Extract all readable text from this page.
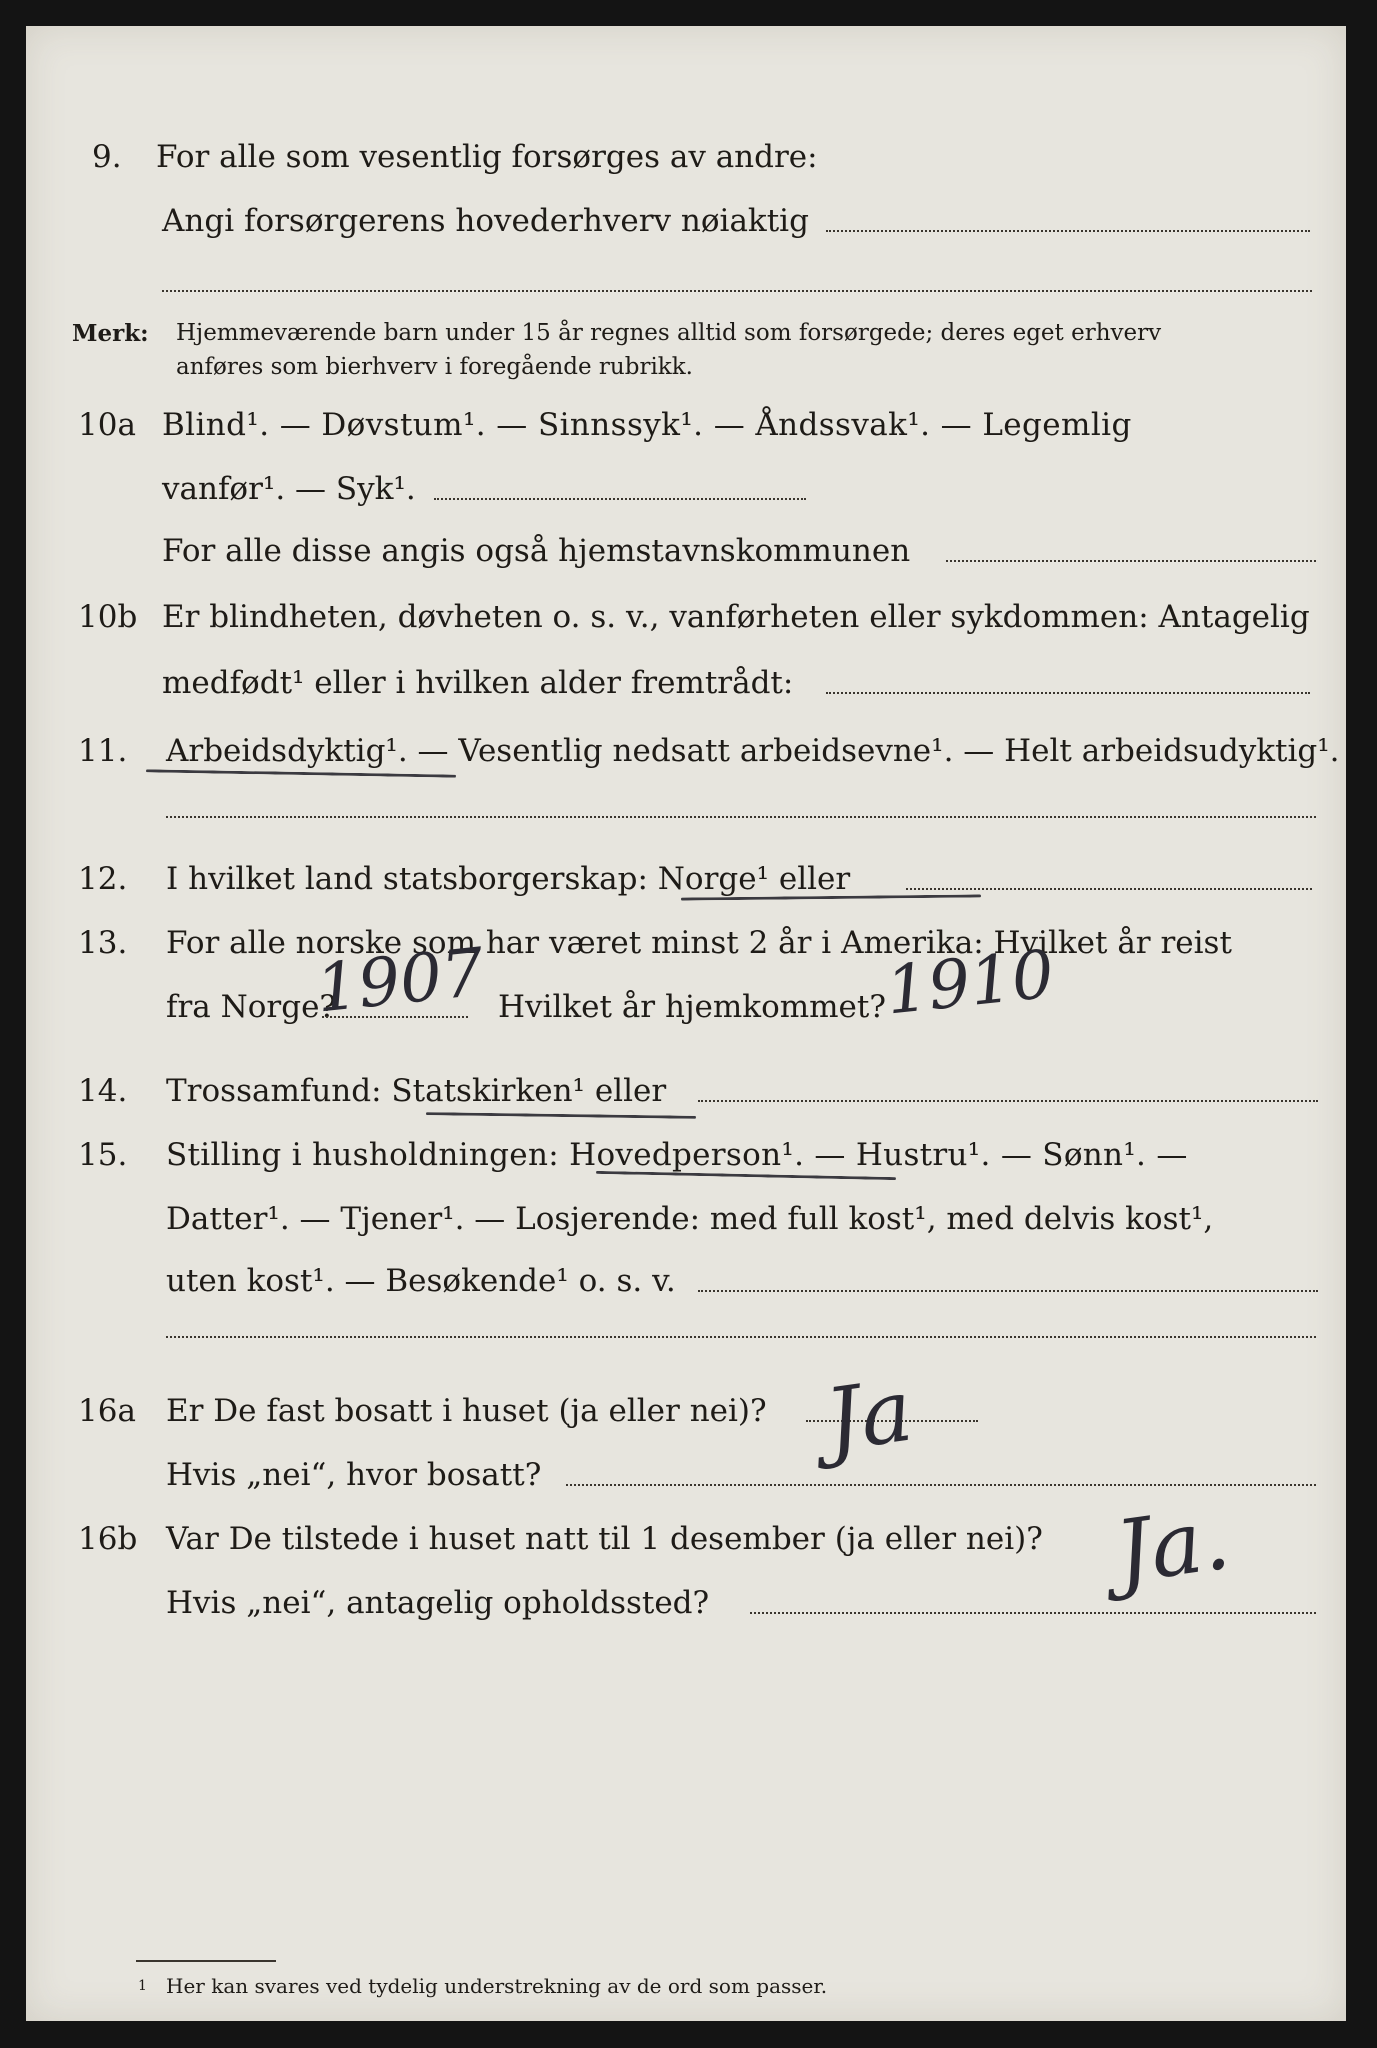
9. For alle som vesentlig forsørges av andre:
Angi forsørgerens hovederhverv nøiaktig
Merk: Hjemmeværende barn under 15 år regnes alltid som forsørgede; deres eget erhverv
anføres som bierhverv i foregående rubrikk.
10a Blind¹. — Døvstum¹. — Sinnssyk¹. — Åndssvak¹. — Legemlig
vanfør¹. — Syk¹.
For alle disse angis også hjemstavnskommunen
10b Er blindheten, døvheten o. s. v., vanførheten eller sykdommen: Antagelig
medfødt¹ eller i hvilken alder fremtrådt:
11. Arbeidsdyktig¹. — Vesentlig nedsatt arbeidsevne¹. — Helt arbeidsudyktig¹.
12. I hvilket land statsborgerskap: Norge¹ eller
13. For alle norske som har været minst 2 år i Amerika: Hvilket år reist
fra Norge?	Hvilket år hjemkommet?
1907	1910
14. Trossamfund: Statskirken¹ eller
15. Stilling i husholdningen: Hovedperson¹. — Hustru¹. — Sønn¹. —
Datter¹. — Tjener¹. — Losjerende: med full kost¹, med delvis kost¹,
uten kost¹. — Besøkende¹ o. s. v.
16a Er De fast bosatt i huset (ja eller nei)? Ja
Hvis „nei“, hvor bosatt?
16b Var De tilstede i huset natt til 1 desember (ja eller nei)? Ja.
Hvis „nei“, antagelig opholdssted?
1 Her kan svares ved tydelig understrekning av de ord som passer.
